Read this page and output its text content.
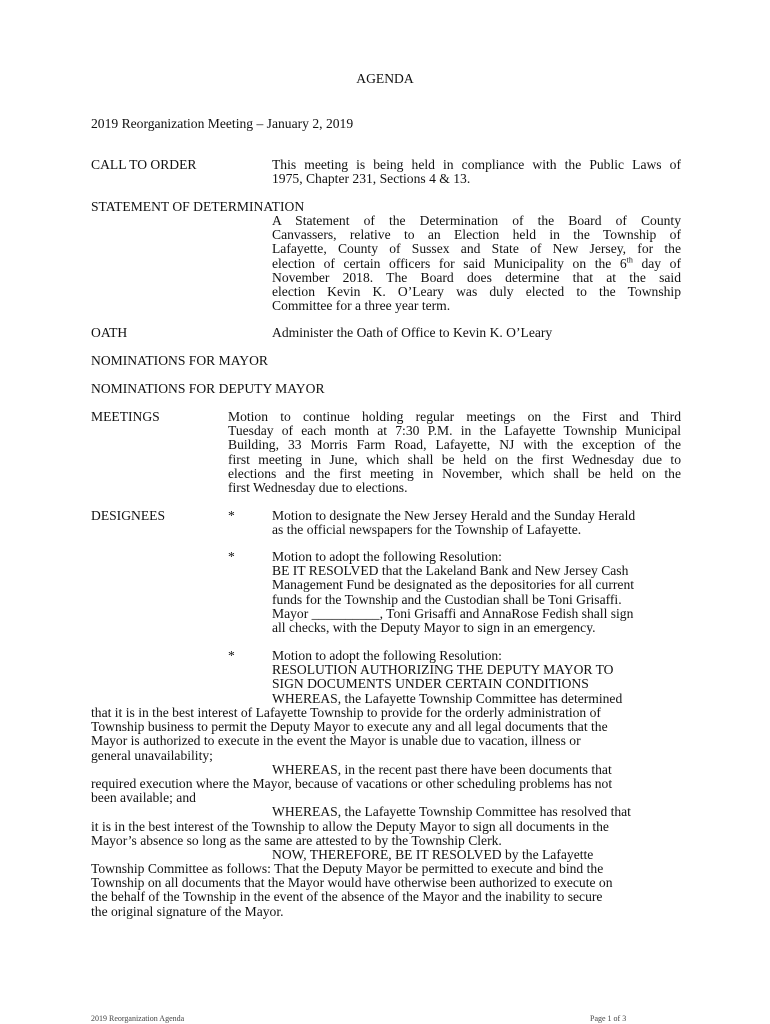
AGENDA
2019 Reorganization Meeting – January 2, 2019
CALL TO ORDER	This meeting is being held in compliance with the Public Laws of
1975, Chapter 231, Sections 4 & 13.
STATEMENT OF DETERMINATION
A Statement of the Determination of the Board of County
Canvassers, relative to an Election held in the Township of
Lafayette, County of Sussex and State of New Jersey, for the
election of certain officers for said Municipality on the 6th day of
November 2018. The Board does determine that at the said
election Kevin K. O’Leary was duly elected to the Township
Committee for a three year term.
OATH	Administer the Oath of Office to Kevin K. O’Leary
NOMINATIONS FOR MAYOR
NOMINATIONS FOR DEPUTY MAYOR
MEETINGS	Motion to continue holding regular meetings on the First and Third
Tuesday of each month at 7:30 P.M. in the Lafayette Township Municipal
Building, 33 Morris Farm Road, Lafayette, NJ with the exception of the
first meeting in June, which shall be held on the first Wednesday due to
elections and the first meeting in November, which shall be held on the
first Wednesday due to elections.
DESIGNEES	*	Motion to designate the New Jersey Herald and the Sunday Herald
as the official newspapers for the Township of Lafayette.
*	Motion to adopt the following Resolution:
BE IT RESOLVED that the Lakeland Bank and New Jersey Cash
Management Fund be designated as the depositories for all current
funds for the Township and the Custodian shall be Toni Grisaffi.
Mayor __________, Toni Grisaffi and AnnaRose Fedish shall sign
all checks, with the Deputy Mayor to sign in an emergency.
*	Motion to adopt the following Resolution:
RESOLUTION AUTHORIZING THE DEPUTY MAYOR TO
SIGN DOCUMENTS UNDER CERTAIN CONDITIONS
WHEREAS, the Lafayette Township Committee has determined
that it is in the best interest of Lafayette Township to provide for the orderly administration of
Township business to permit the Deputy Mayor to execute any and all legal documents that the
Mayor is authorized to execute in the event the Mayor is unable due to vacation, illness or
general unavailability;
WHEREAS, in the recent past there have been documents that
required execution where the Mayor, because of vacations or other scheduling problems has not
been available; and
WHEREAS, the Lafayette Township Committee has resolved that
it is in the best interest of the Township to allow the Deputy Mayor to sign all documents in the
Mayor’s absence so long as the same are attested to by the Township Clerk.
NOW, THEREFORE, BE IT RESOLVED by the Lafayette
Township Committee as follows: That the Deputy Mayor be permitted to execute and bind the
Township on all documents that the Mayor would have otherwise been authorized to execute on
the behalf of the Township in the event of the absence of the Mayor and the inability to secure
the original signature of the Mayor.
2019 Reorganization Agenda	Page 1 of 3
